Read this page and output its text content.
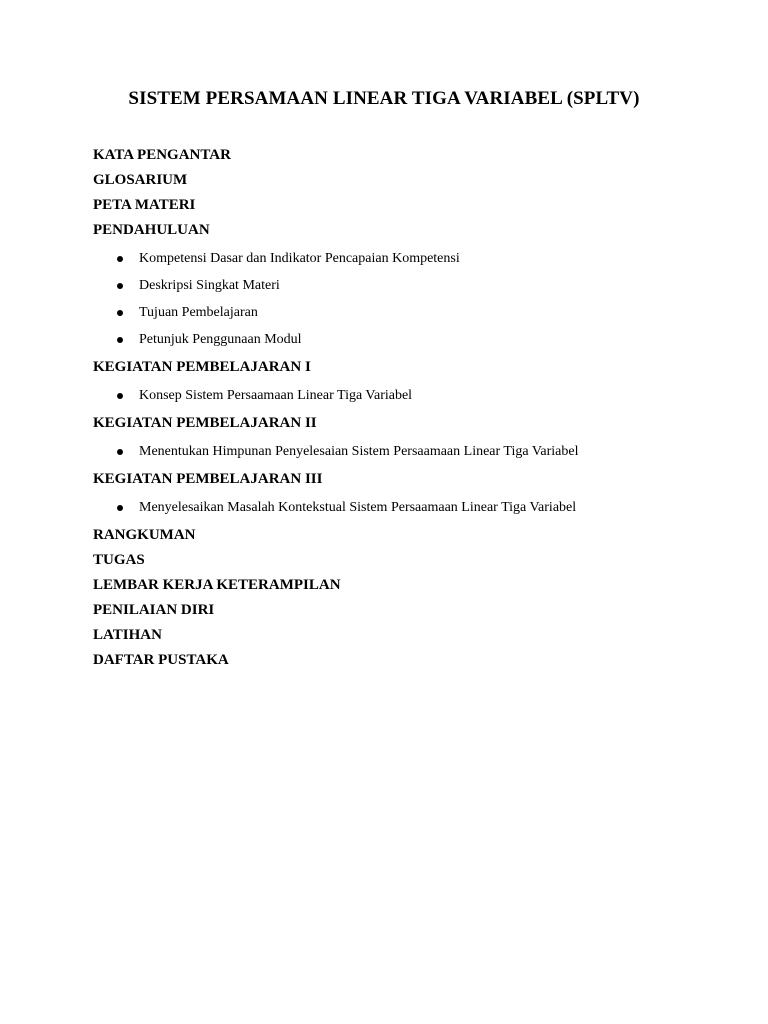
SISTEM PERSAMAAN LINEAR TIGA VARIABEL (SPLTV)
KATA PENGANTAR
GLOSARIUM
PETA MATERI
PENDAHULUAN
Kompetensi Dasar dan Indikator Pencapaian Kompetensi
Deskripsi Singkat Materi
Tujuan Pembelajaran
Petunjuk Penggunaan Modul
KEGIATAN PEMBELAJARAN I
Konsep Sistem Persaamaan Linear Tiga Variabel
KEGIATAN PEMBELAJARAN II
Menentukan Himpunan Penyelesaian Sistem Persaamaan Linear Tiga Variabel
KEGIATAN PEMBELAJARAN III
Menyelesaikan Masalah Kontekstual Sistem Persaamaan Linear Tiga Variabel
RANGKUMAN
TUGAS
LEMBAR KERJA KETERAMPILAN
PENILAIAN DIRI
LATIHAN
DAFTAR PUSTAKA
